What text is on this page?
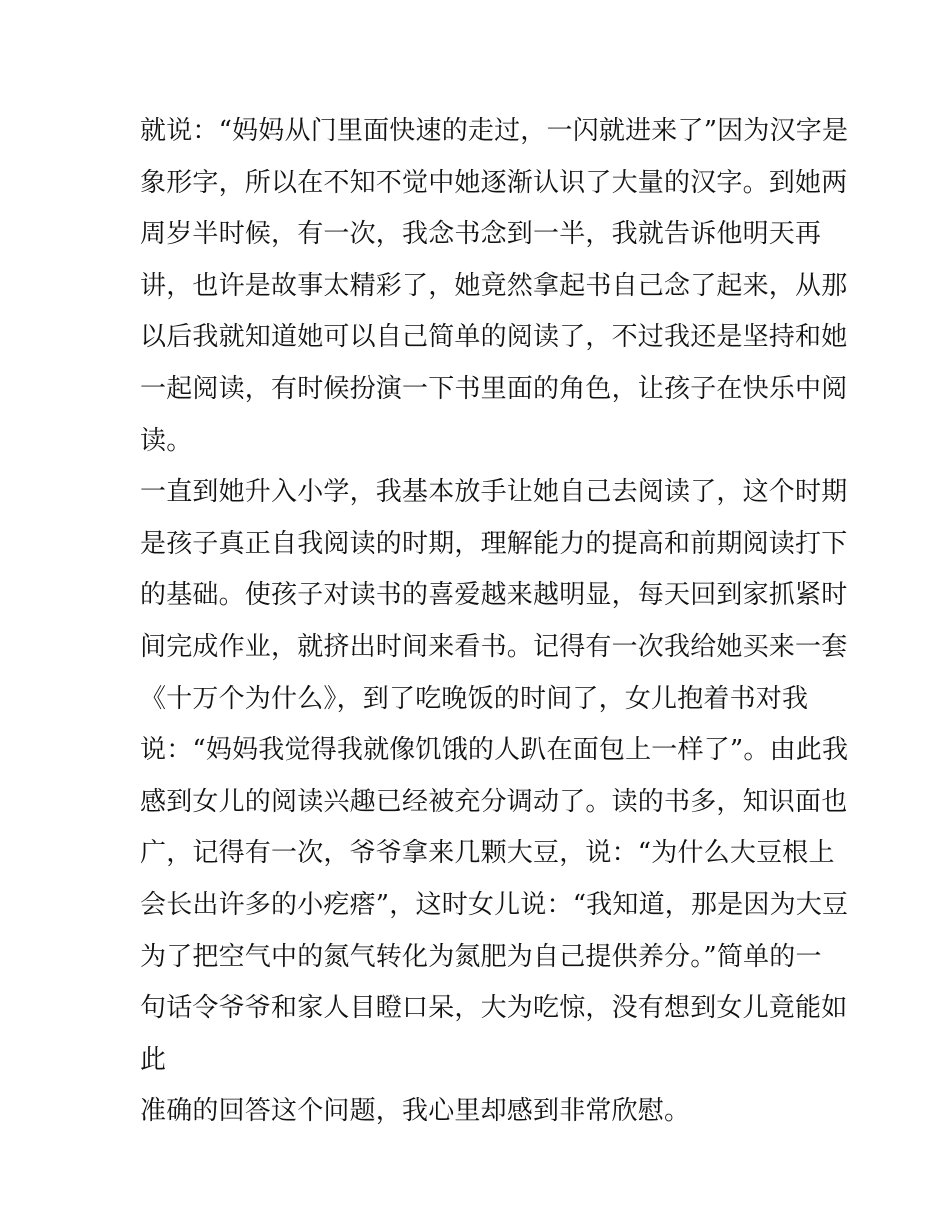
就说：“妈妈从门里面快速的走过，一闪就进来了”因为汉字是
象形字，所以在不知不觉中她逐渐认识了大量的汉字。到她两
周岁半时候，有一次，我念书念到一半，我就告诉他明天再
讲，也许是故事太精彩了，她竟然拿起书自己念了起来，从那
以后我就知道她可以自己简单的阅读了，不过我还是坚持和她
一起阅读，有时候扮演一下书里面的角色，让孩子在快乐中阅
读。
一直到她升入小学，我基本放手让她自己去阅读了，这个时期
是孩子真正自我阅读的时期，理解能力的提高和前期阅读打下
的基础。使孩子对读书的喜爱越来越明显，每天回到家抓紧时
间完成作业，就挤出时间来看书。记得有一次我给她买来一套
《十万个为什么》，到了吃晚饭的时间了，女儿抱着书对我
说：“妈妈我觉得我就像饥饿的人趴在面包上一样了”。由此我
感到女儿的阅读兴趣已经被充分调动了。读的书多，知识面也
广，记得有一次，爷爷拿来几颗大豆，说：“为什么大豆根上
会长出许多的小疙瘩”，这时女儿说：“我知道，那是因为大豆
为了把空气中的氮气转化为氮肥为自己提供养分。”简单的一
句话令爷爷和家人目瞪口呆，大为吃惊，没有想到女儿竟能如
此
准确的回答这个问题，我心里却感到非常欣慰。
